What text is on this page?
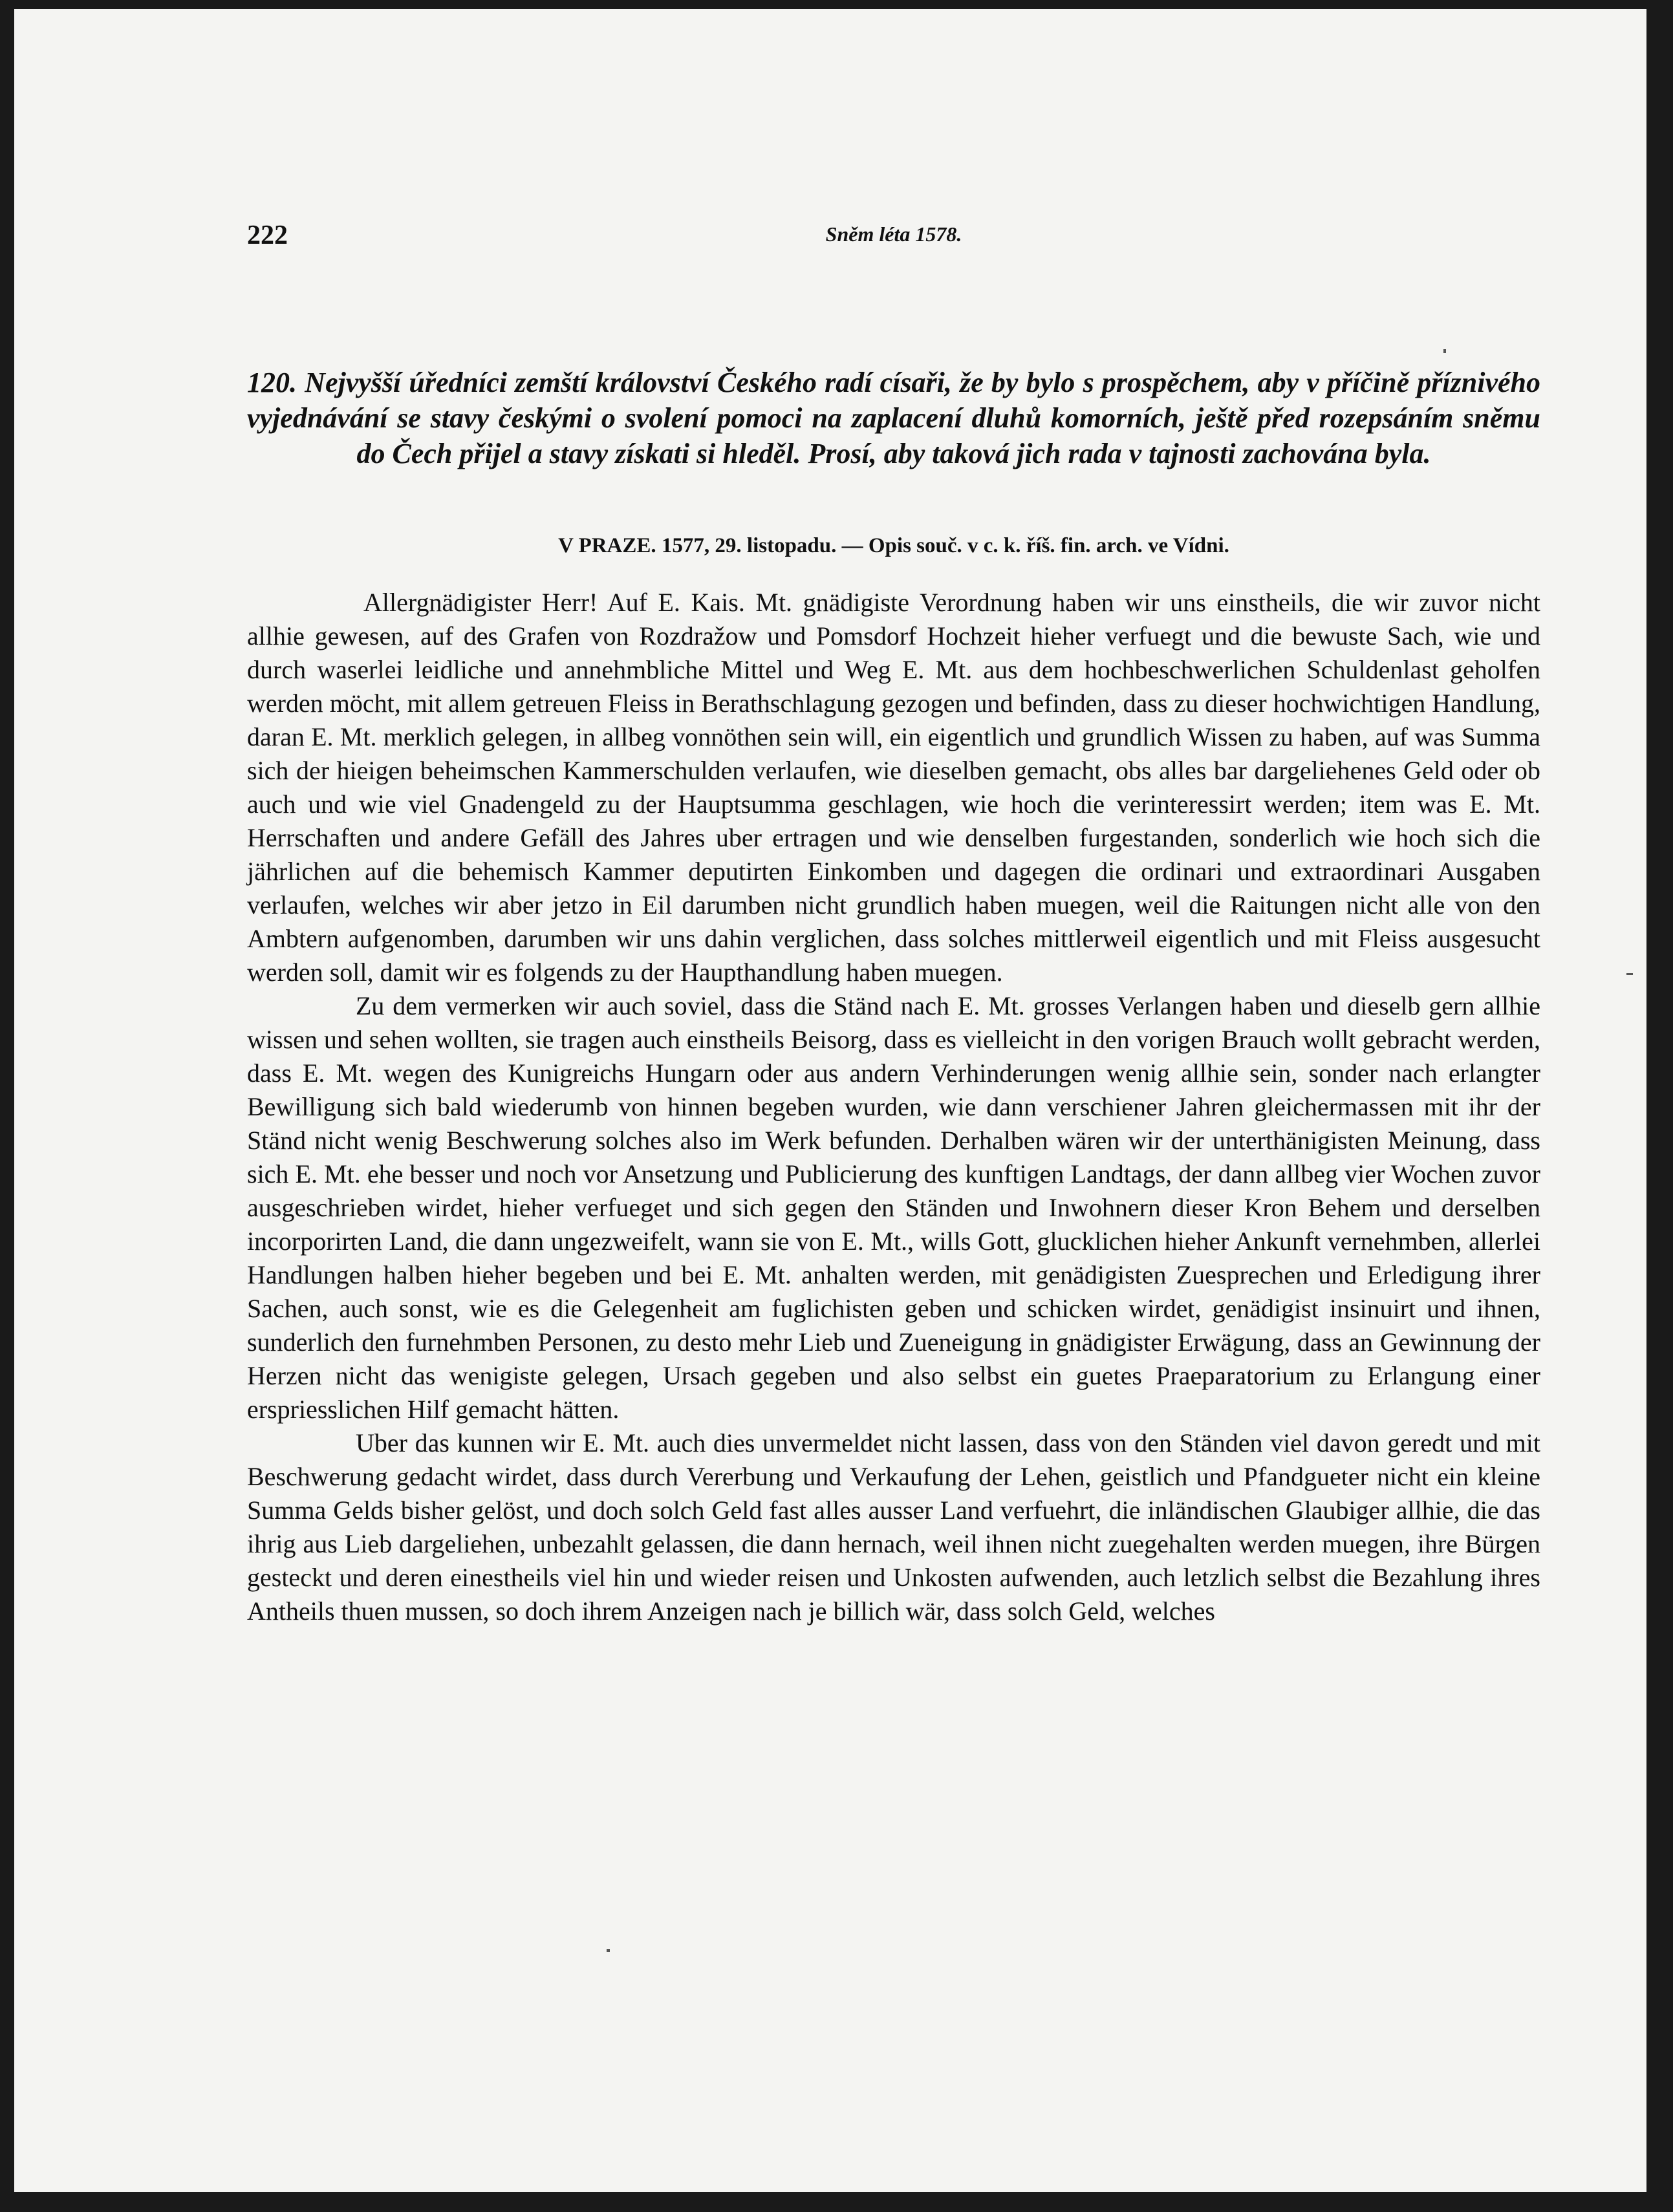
222	Sněm léta 1578.
120. Nejvyšší úředníci zemští království Českého radí císaři, že by bylo s prospěchem, aby v příčině příznivého vyjednávání se stavy českými o svolení pomoci na zaplacení dluhů komorních, ještě před rozepsáním sněmu do Čech přijel a stavy získati si hleděl. Prosí, aby taková jich rada v tajnosti zachována byla.
V PRAZE. 1577, 29. listopadu. — Opis souč. v c. k. říš. fin. arch. ve Vídni.

Allergnädigister Herr! Auf E. Kais. Mt. gnädigiste Verordnung haben wir uns einstheils, die wir zuvor nicht allhie gewesen, auf des Grafen von Rozdražow und Pomsdorf Hochzeit hieher verfuegt und die bewuste Sach, wie und durch waserlei leidliche und annehmbliche Mittel und Weg E. Mt. aus dem hochbeschwerlichen Schuldenlast geholfen werden möcht, mit allem getreuen Fleiss in Berathschlagung gezogen und befinden, dass zu dieser hochwichtigen Handlung, daran E. Mt. merklich gelegen, in allbeg vonnöthen sein will, ein eigentlich und grundlich Wissen zu haben, auf was Summa sich der hieigen beheimschen Kammerschulden verlaufen, wie dieselben gemacht, obs alles bar dargeliehenes Geld oder ob auch und wie viel Gnadengeld zu der Hauptsumma geschlagen, wie hoch die verinteressirt werden; item was E. Mt. Herrschaften und andere Gefäll des Jahres uber ertragen und wie denselben furgestanden, sonderlich wie hoch sich die jährlichen auf die behemisch Kammer deputirten Einkomben und dagegen die ordinari und extraordinari Ausgaben verlaufen, welches wir aber jetzo in Eil darumben nicht grundlich haben muegen, weil die Raitungen nicht alle von den Ambtern aufgenomben, darumben wir uns dahin verglichen, dass solches mittlerweil eigentlich und mit Fleiss ausgesucht werden soll, damit wir es folgends zu der Haupthandlung haben muegen.

Zu dem vermerken wir auch soviel, dass die Ständ nach E. Mt. grosses Verlangen haben und dieselb gern allhie wissen und sehen wollten, sie tragen auch einstheils Beisorg, dass es vielleicht in den vorigen Brauch wollt gebracht werden, dass E. Mt. wegen des Kunigreichs Hungarn oder aus andern Verhinderungen wenig allhie sein, sonder nach erlangter Bewilligung sich bald wiederumb von hinnen begeben wurden, wie dann verschiener Jahren gleichermassen mit ihr der Ständ nicht wenig Beschwerung solches also im Werk befunden. Derhalben wären wir der unterthänigisten Meinung, dass sich E. Mt. ehe besser und noch vor Ansetzung und Publicierung des kunftigen Landtags, der dann allbeg vier Wochen zuvor ausgeschrieben wirdet, hieher verfueget und sich gegen den Ständen und Inwohnern dieser Kron Behem und derselben incorporirten Land, die dann ungezweifelt, wann sie von E. Mt., wills Gott, glucklichen hieher Ankunft vernehmben, allerlei Handlungen halben hieher begeben und bei E. Mt. anhalten werden, mit genädigisten Zuesprechen und Erledigung ihrer Sachen, auch sonst, wie es die Gelegenheit am fuglichisten geben und schicken wirdet, genädigist insinuirt und ihnen, sunderlich den furnehmben Personen, zu desto mehr Lieb und Zueneigung in gnädigister Erwägung, dass an Gewinnung der Herzen nicht das wenigiste gelegen, Ursach gegeben und also selbst ein guetes Praeparatorium zu Erlangung einer erspriesslichen Hilf gemacht hätten.

Uber das kunnen wir E. Mt. auch dies unvermeldet nicht lassen, dass von den Ständen viel davon geredt und mit Beschwerung gedacht wirdet, dass durch Vererbung und Verkaufung der Lehen, geistlich und Pfandgueter nicht ein kleine Summa Gelds bisher gelöst, und doch solch Geld fast alles ausser Land verfuehrt, die inländischen Glaubiger allhie, die das ihrig aus Lieb dargeliehen, unbezahlt gelassen, die dann hernach, weil ihnen nicht zuegehalten werden muegen, ihre Bürgen gesteckt und deren einestheils viel hin und wieder reisen und Unkosten aufwenden, auch letzlich selbst die Bezahlung ihres Antheils thuen mussen, so doch ihrem Anzeigen nach je billich wär, dass solch Geld, welches
